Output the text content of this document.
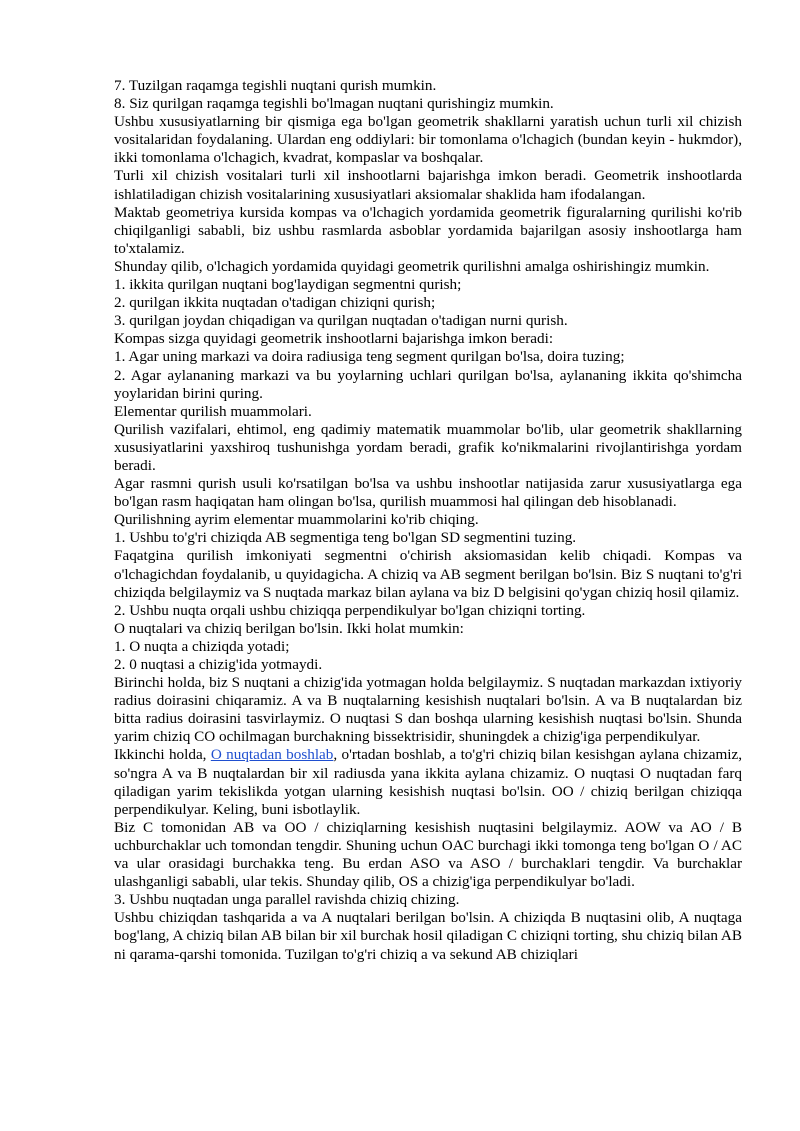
7. Tuzilgan raqamga tegishli nuqtani qurish mumkin.

8. Siz qurilgan raqamga tegishli bo'lmagan nuqtani qurishingiz mumkin.

Ushbu xususiyatlarning bir qismiga ega bo'lgan geometrik shakllarni yaratish uchun turli xil chizish vositalaridan foydalaning. Ulardan eng oddiylari: bir tomonlama o'lchagich (bundan keyin - hukmdor), ikki tomonlama o'lchagich, kvadrat, kompaslar va boshqalar.

Turli xil chizish vositalari turli xil inshootlarni bajarishga imkon beradi. Geometrik inshootlarda ishlatiladigan chizish vositalarining xususiyatlari aksiomalar shaklida ham ifodalangan.

Maktab geometriya kursida kompas va o'lchagich yordamida geometrik figuralarning qurilishi ko'rib chiqilganligi sababli, biz ushbu rasmlarda asboblar yordamida bajarilgan asosiy inshootlarga ham to'xtalamiz.

Shunday qilib, o'lchagich yordamida quyidagi geometrik qurilishni amalga oshirishingiz mumkin.

1. ikkita qurilgan nuqtani bog'laydigan segmentni qurish;

2. qurilgan ikkita nuqtadan o'tadigan chiziqni qurish;

3. qurilgan joydan chiqadigan va qurilgan nuqtadan o'tadigan nurni qurish.

Kompas sizga quyidagi geometrik inshootlarni bajarishga imkon beradi:

1. Agar uning markazi va doira radiusiga teng segment qurilgan bo'lsa, doira tuzing;

2. Agar aylananing markazi va bu yoylarning uchlari qurilgan bo'lsa, aylananing ikkita qo'shimcha yoylaridan birini quring.

Elementar qurilish muammolari.

Qurilish vazifalari, ehtimol, eng qadimiy matematik muammolar bo'lib, ular geometrik shakllarning xususiyatlarini yaxshiroq tushunishga yordam beradi, grafik ko'nikmalarini rivojlantirishga yordam beradi.

Agar rasmni qurish usuli ko'rsatilgan bo'lsa va ushbu inshootlar natijasida zarur xususiyatlarga ega bo'lgan rasm haqiqatan ham olingan bo'lsa, qurilish muammosi hal qilingan deb hisoblanadi.

Qurilishning ayrim elementar muammolarini ko'rib chiqing.

1. Ushbu to'g'ri chiziqda AB segmentiga teng bo'lgan SD segmentini tuzing.

Faqatgina qurilish imkoniyati segmentni o'chirish aksiomasidan kelib chiqadi. Kompas va o'lchagichdan foydalanib, u quyidagicha. A chiziq va AB segment berilgan bo'lsin. Biz S nuqtani to'g'ri chiziqda belgilaymiz va S nuqtada markaz bilan aylana va biz D belgisini qo'ygan chiziq hosil qilamiz.

2. Ushbu nuqta orqali ushbu chiziqqa perpendikulyar bo'lgan chiziqni torting.

O nuqtalari va chiziq berilgan bo'lsin. Ikki holat mumkin:

1. O nuqta a chiziqda yotadi;

2. 0 nuqtasi a chizig'ida yotmaydi.

Birinchi holda, biz S nuqtani a chizig'ida yotmagan holda belgilaymiz. S nuqtadan markazdan ixtiyoriy radius doirasini chiqaramiz. A va B nuqtalarning kesishish nuqtalari bo'lsin. A va B nuqtalardan biz bitta radius doirasini tasvirlaymiz. O nuqtasi S dan boshqa ularning kesishish nuqtasi bo'lsin. Shunda yarim chiziq CO ochilmagan burchakning bissektrisidir, shuningdek a chizig'iga perpendikulyar.

Ikkinchi holda, O nuqtadan boshlab, o'rtadan boshlab, a to'g'ri chiziq bilan kesishgan aylana chizamiz, so'ngra A va B nuqtalardan bir xil radiusda yana ikkita aylana chizamiz. O nuqtasi O nuqtadan farq qiladigan yarim tekislikda yotgan ularning kesishish nuqtasi bo'lsin. OO / chiziq berilgan chiziqqa perpendikulyar. Keling, buni isbotlaylik.

Biz C tomonidan AB va OO / chiziqlarning kesishish nuqtasini belgilaymiz. AOW va AO / B uchburchaklar uch tomondan tengdir. Shuning uchun OAC burchagi ikki tomonga teng bo'lgan O / AC va ular orasidagi burchakka teng. Bu erdan ASO va ASO / burchaklari tengdir. Va burchaklar ulashganligi sababli, ular tekis. Shunday qilib, OS a chizig'iga perpendikulyar bo'ladi.

3. Ushbu nuqtadan unga parallel ravishda chiziq chizing.

Ushbu chiziqdan tashqarida a va A nuqtalari berilgan bo'lsin. A chiziqda B nuqtasini olib, A nuqtaga bog'lang, A chiziq bilan AB bilan bir xil burchak hosil qiladigan C chiziqni torting, shu chiziq bilan AB ni qarama-qarshi tomonida. Tuzilgan to'g'ri chiziq a va sekund AB chiziqlari
